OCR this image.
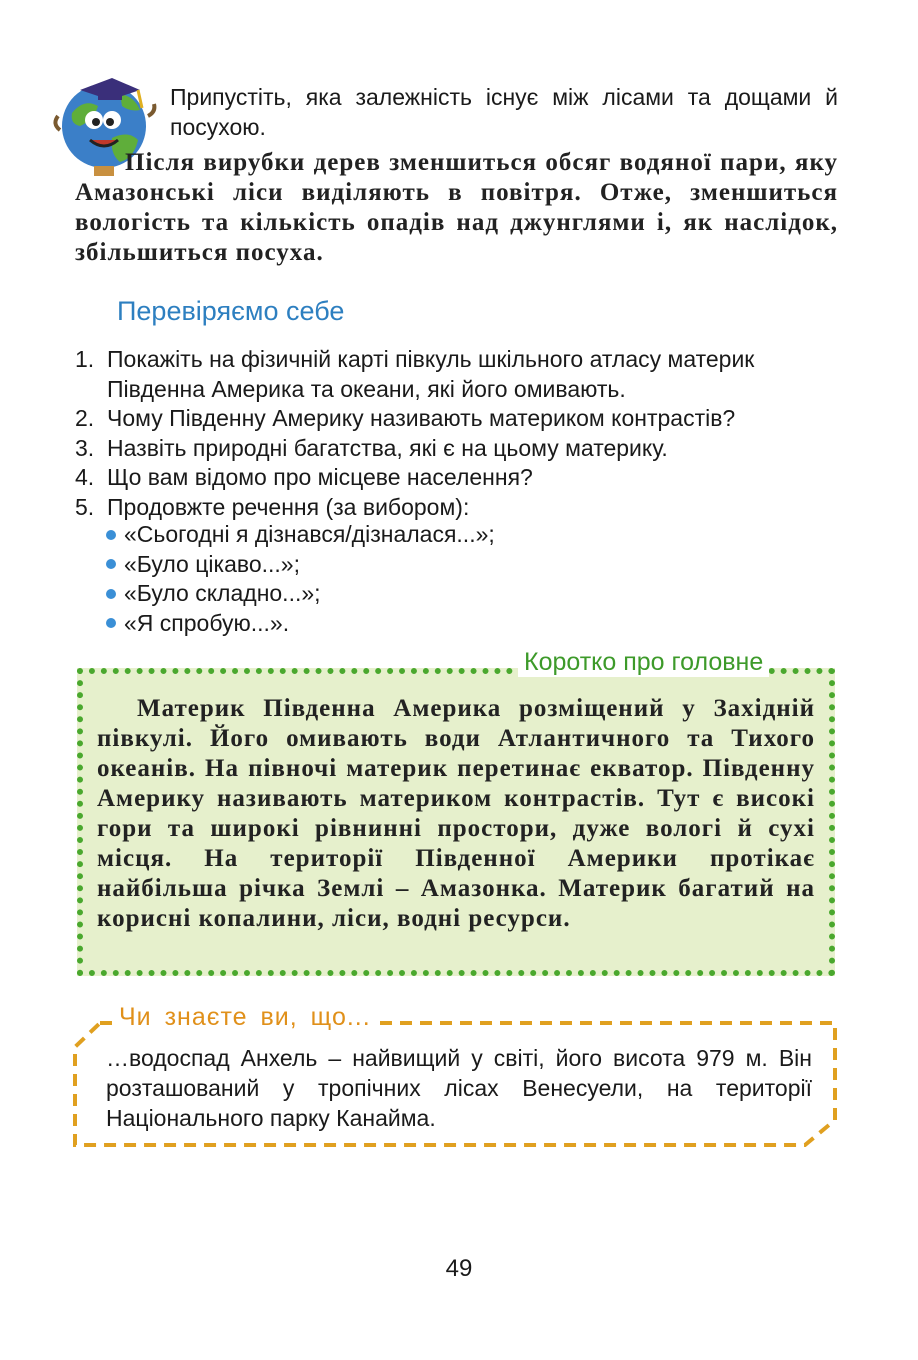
Припустіть, яка залежність існує між лісами та дощами й посухою.

Після вирубки дерев зменшиться обсяг водяної пари, яку Амазонські ліси виділяють в повітря. Отже, зменшиться вологість та кількість опадів над джунглями і, як наслідок, збільшиться посуха.

Перевіряємо себе
1. Покажіть на фізичній карті півкуль шкільного атласу материк Південна Америка та океани, які його омивають.
2. Чому Південну Америку називають материком контрастів?
3. Назвіть природні багатства, які є на цьому материку.
4. Що вам відомо про місцеве населення?
5. Продовжте речення (за вибором):
«Сьогодні я дізнався/дізналася...»;
«Було цікаво...»;
«Було складно...»;
«Я спробую...».
Коротко про головне

Материк Південна Америка розміщений у Західній півкулі. Його омивають води Атлантичного та Тихого океанів. На півночі материк перетинає екватор. Південну Америку називають материком контрастів. Тут є високі гори та широкі рівнинні простори, дуже вологі й сухі місця. На території Південної Америки протікає найбільша річка Землі – Амазонка. Материк багатий на корисні копалини, ліси, водні ресурси.

Чи знаєте ви, що...

…водоспад Анхель – найвищий у світі, його висота 979 м. Він розташований у тропічних лісах Венесуели, на території Національного парку Канайма.

49
